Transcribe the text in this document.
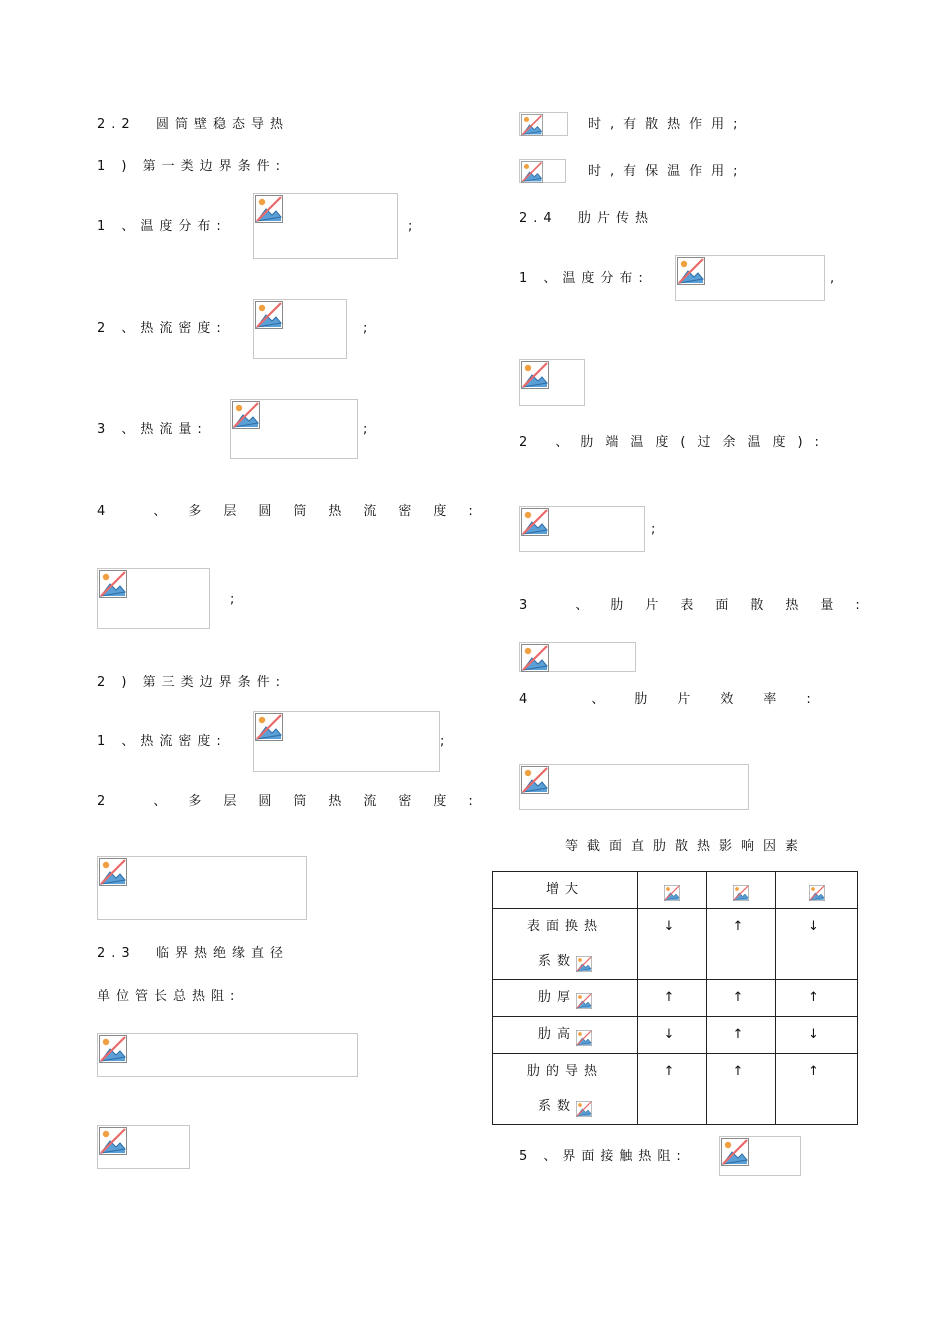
2.2  圆筒壁稳态导热
1 ) 第一类边界条件:
1 、温度分布:	;
2 、热流密度:	;
3 、热流量:	;
4 、多层圆筒热流密度:
;
2 ) 第三类边界条件:
1 、热流密度:	;
2 、多层圆筒热流密度:
2.3  临界热绝缘直径
单位管长总热阻:
时,有散热作用;
时,有保温作用;
2.4  肋片传热
1 、温度分布:	,
2 、肋端温度(过余温度):
;
3 、肋片表面散热量:
4 、肋片效率:
等截面直肋散热影响因素
增大			

表面换热
系数	↓	↑	↓
肋厚	↑	↑	↑
肋高	↓	↑	↓

肋的导热
系数	↑	↑	↑
5 、界面接触热阻:
